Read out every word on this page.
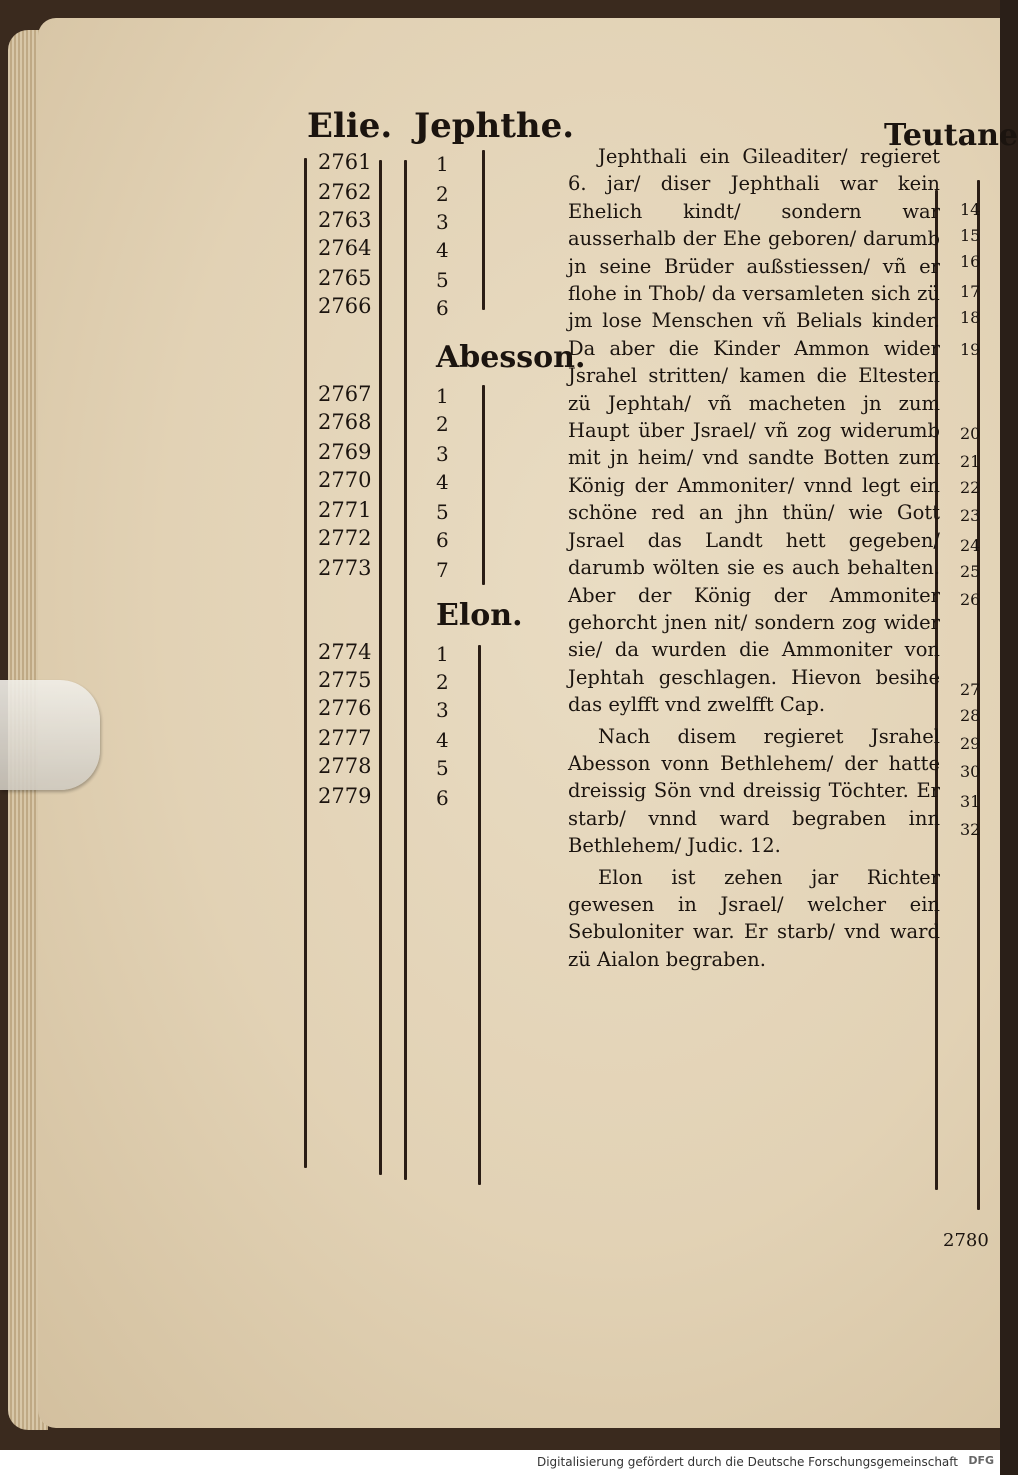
Elie. Jephthe.	Teutane
2761
2762
2763
2764
2765
2766
2767
2768
2769
2770
2771
2772
2773
2774
2775
2776
2777
2778
2779
1
2
3
4
5
6
1
2
3
4
5
6
7
1
2
3
4
5
6
Abesson.
Elon.

Jephthali ein Gileaditer/ regieret 6. jar/ diser Jephthali war kein Ehelich kindt/ sondern war ausserhalb der Ehe geboren/ darumb jn seine Brüder außstiessen/ vñ er flohe in Thob/ da versamleten sich zü jm lose Menschen vñ Belials kinder. Da aber die Kinder Ammon wider Jsrahel stritten/ kamen die Eltesten zü Jephtah/ vñ macheten jn zum Haupt über Jsrael/ vñ zog widerumb mit jn heim/ vnd sandte Botten zum König der Ammoniter/ vnnd legt ein schöne red an jhn thün/ wie Gott Jsrael das Landt hett gegeben/ darumb wölten sie es auch behalten. Aber der König der Ammoniter gehorcht jnen nit/ sondern zog wider sie/ da wurden die Ammoniter von Jephtah geschlagen. Hievon besihe das eylfft vnd zwelfft Cap.

Nach disem regieret Jsrahel Abesson vonn Bethlehem/ der hatte dreissig Sön vnd dreissig Töchter. Er starb/ vnnd ward begraben inn Bethlehem/ Judic. 12.

Elon ist zehen jar Richter gewesen in Jsrael/ welcher ein Sebuloniter war. Er starb/ vnd ward zü Aialon begraben.

14
15
16
17
18
19
20
21
22
23
24
25
26
27
28
29
30
31
32
2780
Digitalisierung gefördert durch die Deutsche Forschungsgemeinschaft DFG
